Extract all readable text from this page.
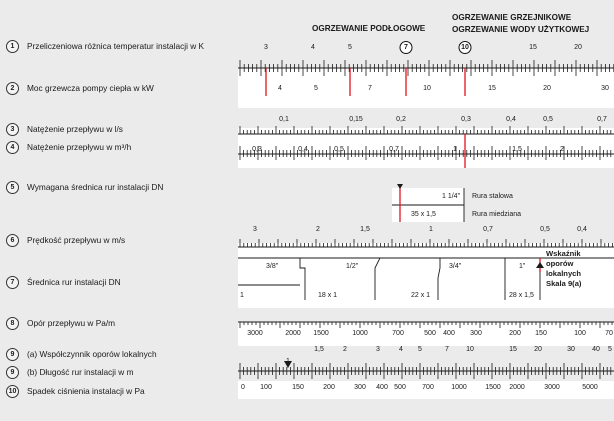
OGRZEWANIE PODŁOGOWE
OGRZEWANIE GRZEJNIKOWE
OGRZEWANIE WODY UŻYTKOWEJ
1	Przeliczeniowa różnica temperatur instalacji w K
2	Moc grzewcza pompy ciepła w kW
3	Natężenie przepływu w l/s
4	Natężenie przepływu w m³/h
5	Wymagana średnica rur instalacji DN
6	Prędkość przepływu w m/s
7	Średnica rur instalacji DN
8	Opór przepływu w Pa/m
9	(a) Współczynnik oporów lokalnych
9	(b) Długość rur instalacji w m
10	Spadek ciśnienia instalacji w Pa
7	10
3	4	5	15	20
4	5	7	10	15	20	30
0,1	0,15	0,2	0,3	0,4	0,5	0,7
0,3	0,4	0,5	0,7	1	1,5	2
1 1/4" Rura stalowa
35 x 1,5	Rura miedziana
3	2	1,5	1	0,7	0,5	0,4
3/8"	1/2"	3/4"	1"
1	18 x 1	22 x 1	28 x 1,5
Wskaźnik
oporów
lokalnych
Skala 9(a)
3000	2000 1500	1000	700	500 400 300	200 150	100	70
1,5	2	3	4 5	7 10	15 20	30 40 5
0 100	150	200	300 400 500 700 1000	1500 2000	3000	5000
